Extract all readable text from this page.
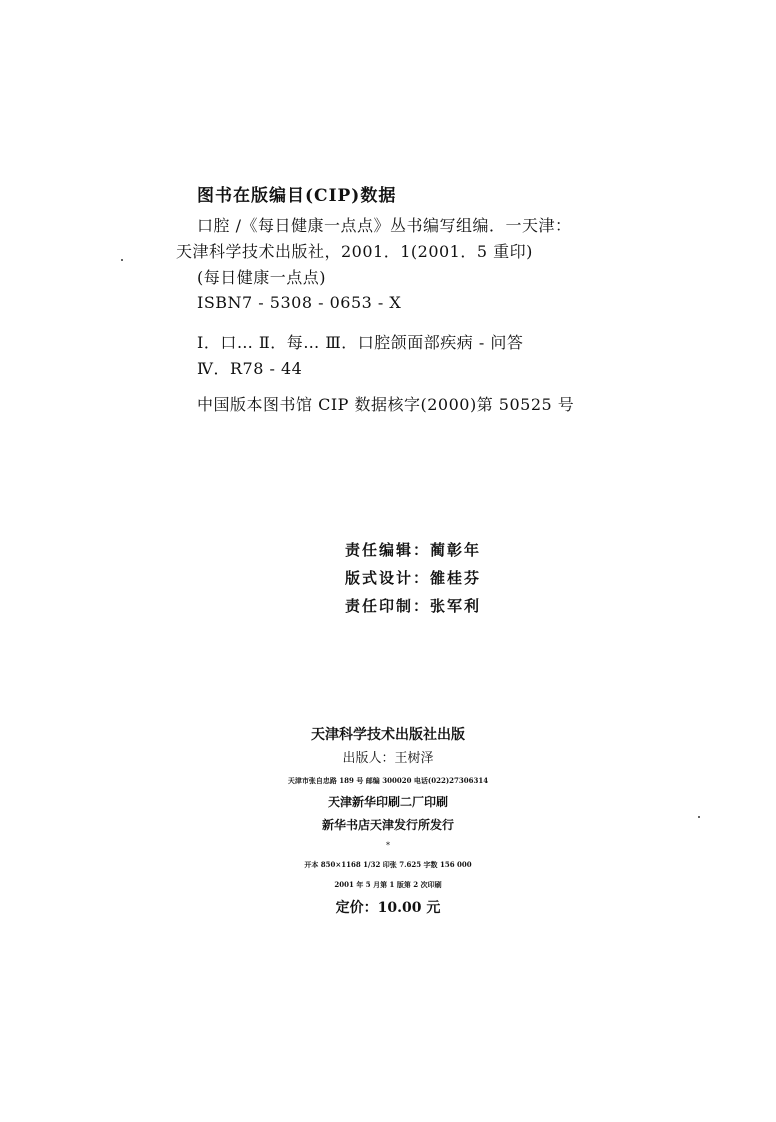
图书在版编目(CIP)数据
口腔 /《每日健康一点点》丛书编写组编．一天津：
天津科学技术出版社，2001．1(2001．5 重印)
(每日健康一点点)
ISBN7 - 5308 - 0653 - X
Ⅰ．口… Ⅱ．每… Ⅲ．口腔颌面部疾病 - 问答
Ⅳ．R78 - 44
中国版本图书馆 CIP 数据核字(2000)第 50525 号
责任编辑：蔺彰年
版式设计：雒桂芬
责任印制：张军利
天津科学技术出版社出版
出版人：王树泽
天津市张自忠路 189 号 邮编 300020 电话(022)27306314
天津新华印刷二厂印刷
新华书店天津发行所发行
*
开本 850×1168 1/32 印张 7.625 字数 156 000
2001 年 5 月第 1 版第 2 次印刷
定价：10.00 元
